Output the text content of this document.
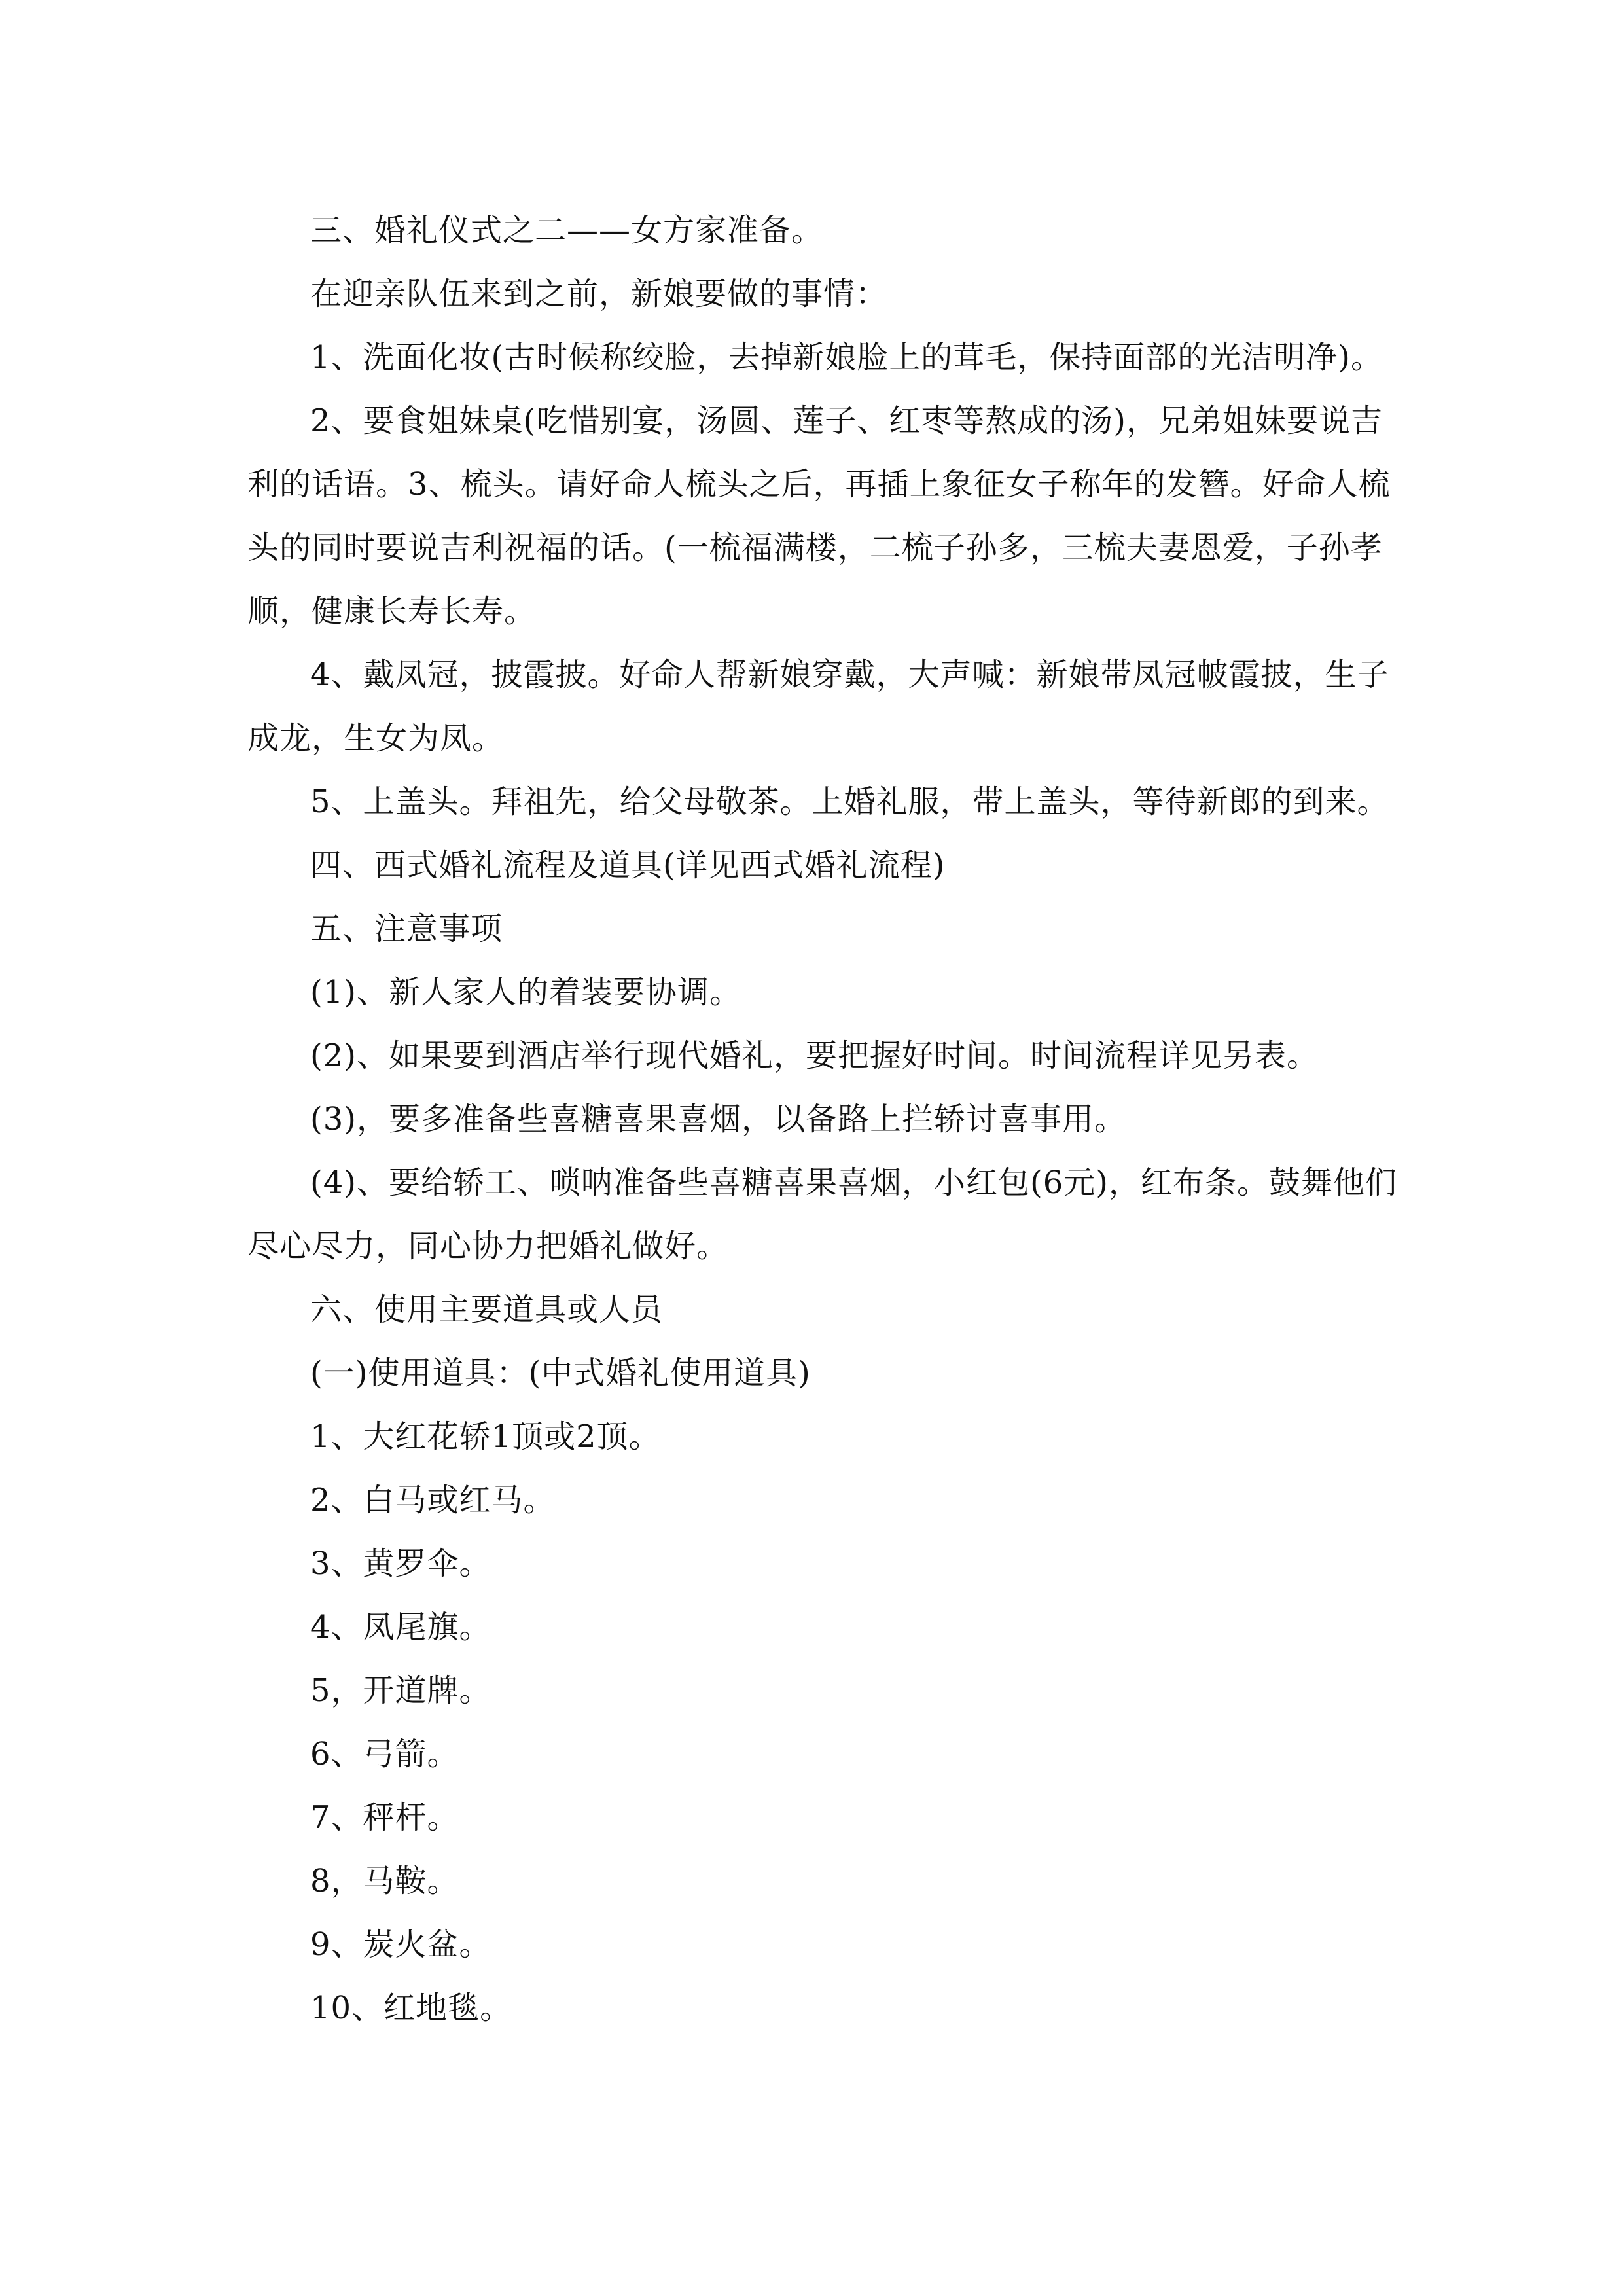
三、婚礼仪式之二——女方家准备。

在迎亲队伍来到之前，新娘要做的事情：

1、洗面化妆(古时候称绞脸，去掉新娘脸上的茸毛，保持面部的光洁明净)。

2、要食姐妹桌(吃惜别宴，汤圆、莲子、红枣等熬成的汤)，兄弟姐妹要说吉利的话语。3、梳头。请好命人梳头之后，再插上象征女子称年的发簪。好命人梳头的同时要说吉利祝福的话。(一梳福满楼，二梳子孙多，三梳夫妻恩爱，子孙孝顺，健康长寿长寿。

4、戴凤冠，披霞披。好命人帮新娘穿戴，大声喊：新娘带凤冠帔霞披，生子成龙，生女为凤。

5、上盖头。拜祖先，给父母敬茶。上婚礼服，带上盖头，等待新郎的到来。

四、西式婚礼流程及道具(详见西式婚礼流程)

五、注意事项

(1)、新人家人的着装要协调。

(2)、如果要到酒店举行现代婚礼，要把握好时间。时间流程详见另表。

(3)，要多准备些喜糖喜果喜烟，以备路上拦轿讨喜事用。

(4)、要给轿工、唢呐准备些喜糖喜果喜烟，小红包(6元)，红布条。鼓舞他们尽心尽力，同心协力把婚礼做好。

六、使用主要道具或人员

(一)使用道具：(中式婚礼使用道具)

1、大红花轿1顶或2顶。

2、白马或红马。

3、黄罗伞。

4、凤尾旗。

5，开道牌。

6、弓箭。

7、秤杆。

8，马鞍。

9、炭火盆。

10、红地毯。
